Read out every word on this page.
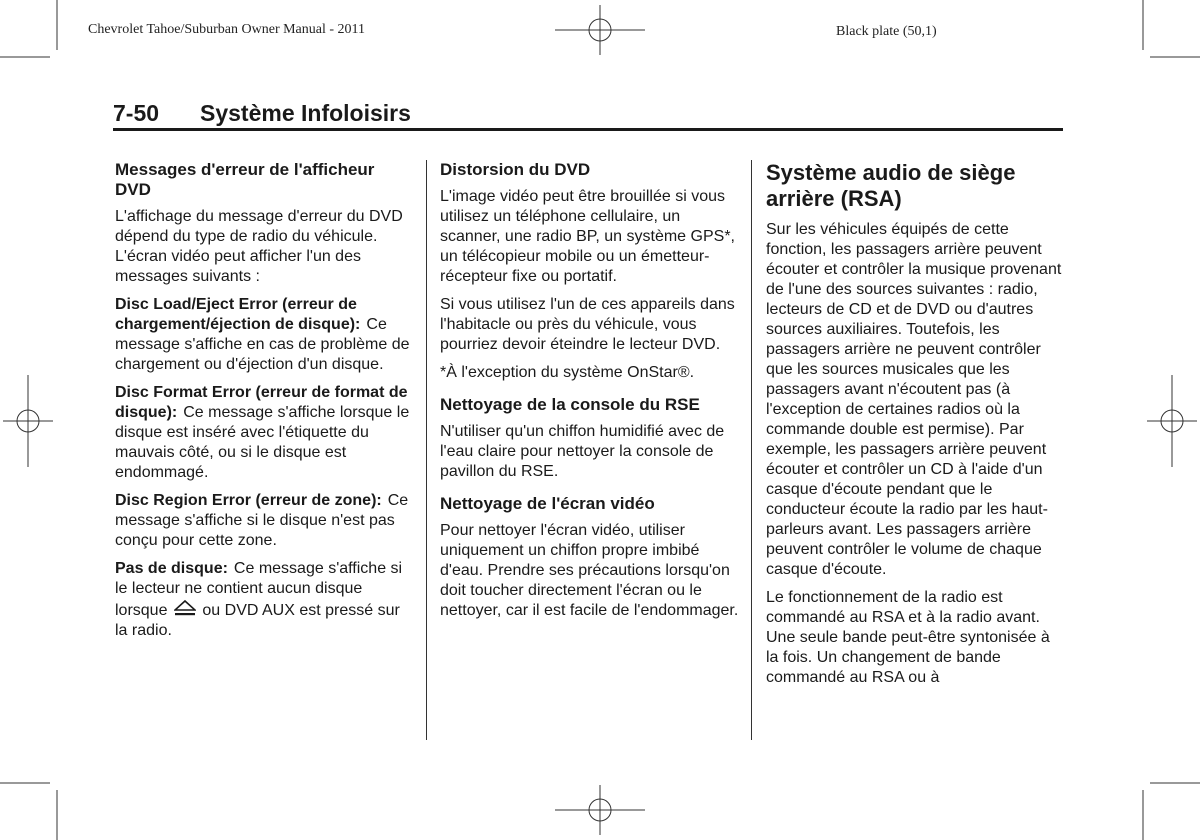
Chevrolet Tahoe/Suburban Owner Manual - 2011	Black plate (50,1)
7-50 Système Infoloisirs
Messages d'erreur de l'afficheur DVD
L'affichage du message d'erreur du DVD dépend du type de radio du véhicule. L'écran vidéo peut afficher l'un des messages suivants :
Disc Load/Eject Error (erreur de chargement/éjection de disque): Ce message s'affiche en cas de problème de chargement ou d'éjection d'un disque.
Disc Format Error (erreur de format de disque): Ce message s'affiche lorsque le disque est inséré avec l'étiquette du mauvais côté, ou si le disque est endommagé.
Disc Region Error (erreur de zone): Ce message s'affiche si le disque n'est pas conçu pour cette zone.
Pas de disque: Ce message s'affiche si le lecteur ne contient aucun disque lorsque ou DVD AUX est pressé sur la radio.
Distorsion du DVD
L'image vidéo peut être brouillée si vous utilisez un téléphone cellulaire, un scanner, une radio BP, un système GPS*, un télécopieur mobile ou un émetteur-récepteur fixe ou portatif.
Si vous utilisez l'un de ces appareils dans l'habitacle ou près du véhicule, vous pourriez devoir éteindre le lecteur DVD.
*À l'exception du système OnStar®.
Nettoyage de la console du RSE
N'utiliser qu'un chiffon humidifié avec de l'eau claire pour nettoyer la console de pavillon du RSE.
Nettoyage de l'écran vidéo
Pour nettoyer l'écran vidéo, utiliser uniquement un chiffon propre imbibé d'eau. Prendre ses précautions lorsqu'on doit toucher directement l'écran ou le nettoyer, car il est facile de l'endommager.
Système audio de siège arrière (RSA)
Sur les véhicules équipés de cette fonction, les passagers arrière peuvent écouter et contrôler la musique provenant de l'une des sources suivantes : radio, lecteurs de CD et de DVD ou d'autres sources auxiliaires. Toutefois, les passagers arrière ne peuvent contrôler que les sources musicales que les passagers avant n'écoutent pas (à l'exception de certaines radios où la commande double est permise). Par exemple, les passagers arrière peuvent écouter et contrôler un CD à l'aide d'un casque d'écoute pendant que le conducteur écoute la radio par les haut-parleurs avant. Les passagers arrière peuvent contrôler le volume de chaque casque d'écoute.
Le fonctionnement de la radio est commandé au RSA et à la radio avant. Une seule bande peut-être syntonisée à la fois. Un changement de bande commandé au RSA ou à
